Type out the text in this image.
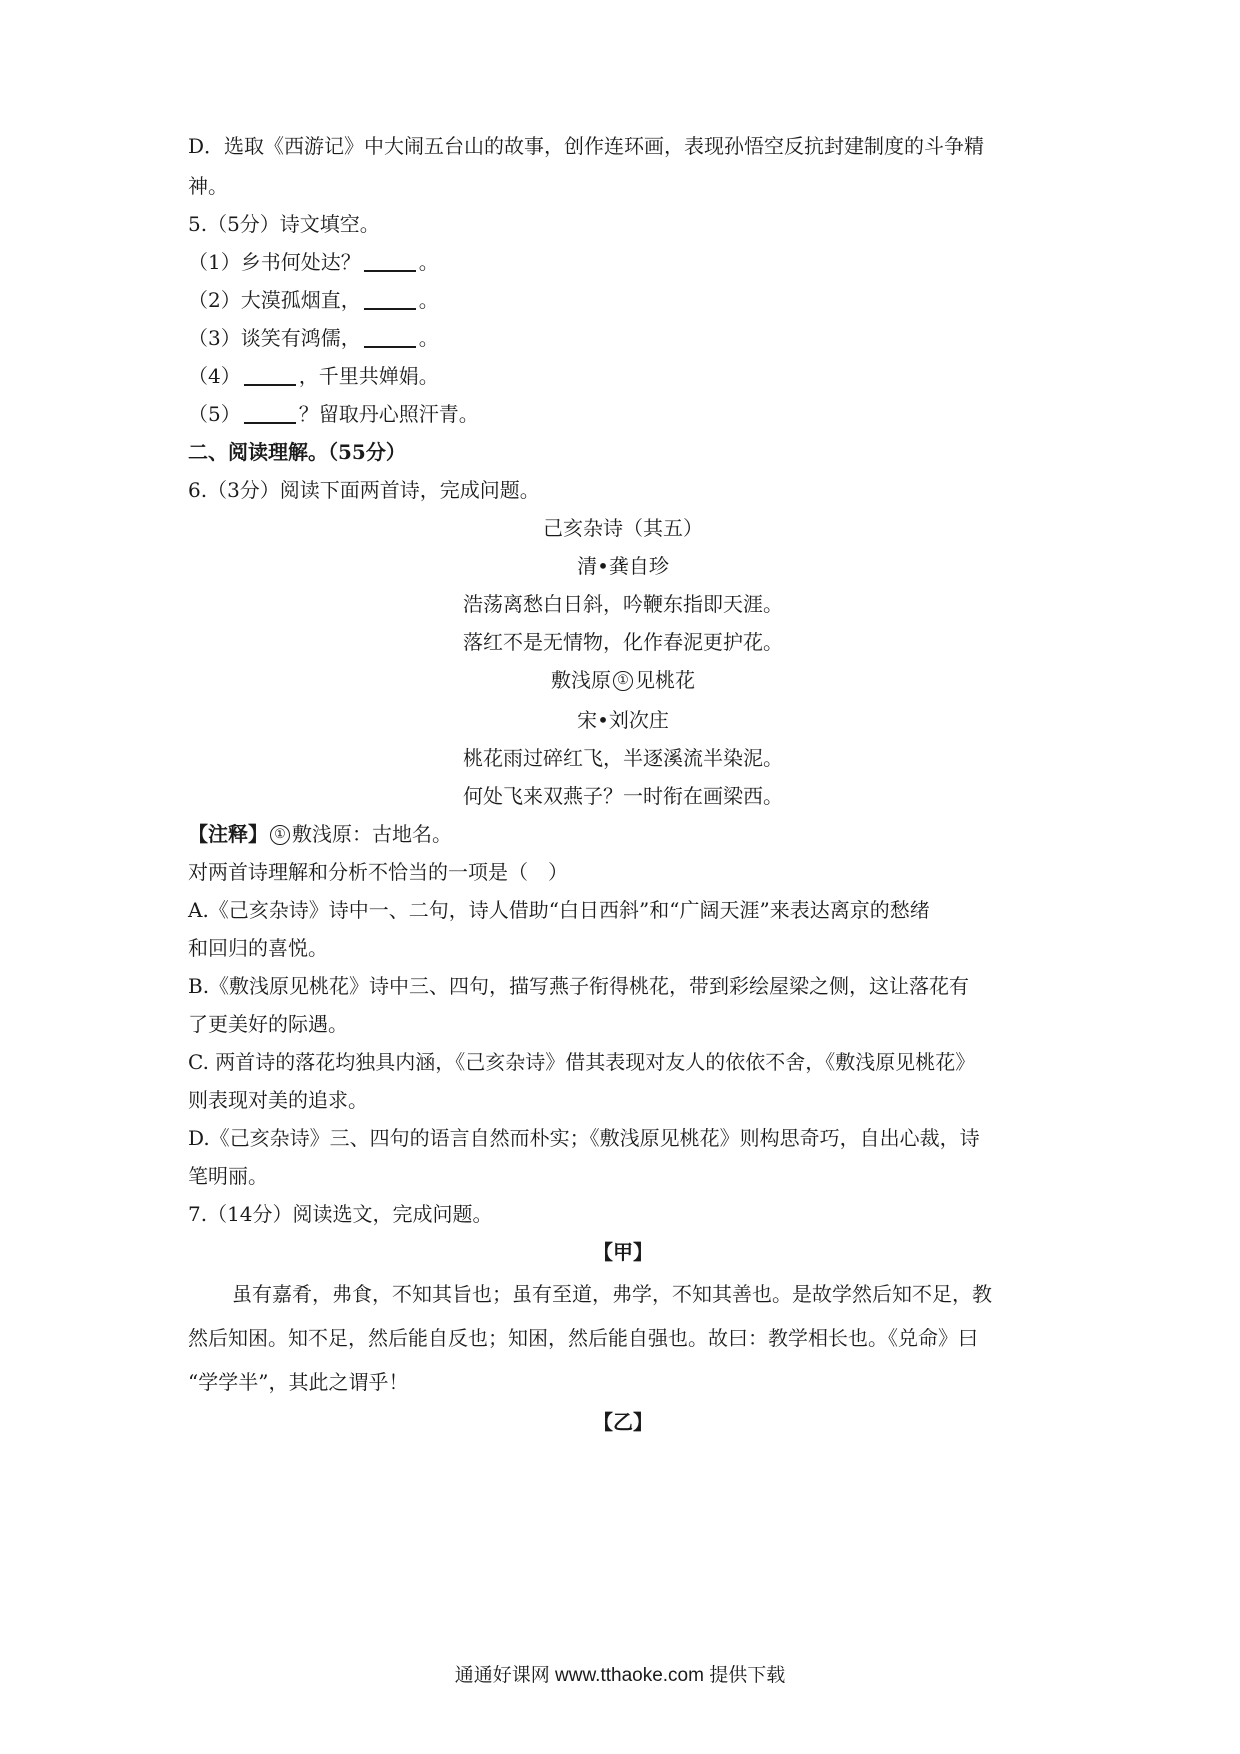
D．选取《西游记》中大闹五台山的故事，创作连环画，表现孙悟空反抗封建制度的斗争精
神。
5.（5分）诗文填空。
（1）乡书何处达？	。
（2）大漠孤烟直，	。
（3）谈笑有鸿儒，	。
（4）	，千里共婵娟。
（5）	？留取丹心照汗青。
二、阅读理解。（55分）
6.（3分）阅读下面两首诗，完成问题。
己亥杂诗（其五）
清•龚自珍
浩荡离愁白日斜，吟鞭东指即天涯。
落红不是无情物，化作春泥更护花。
敷浅原 ① 见桃花
宋•刘次庄
桃花雨过碎红飞，半逐溪流半染泥。
何处飞来双燕子？一时衔在画梁西。
【注释】 ① 敷浅原：古地名。
对两首诗理解和分析不恰当的一项是（　）
A.《己亥杂诗》诗中一、二句，诗人借助“白日西斜”和“广阔天涯”来表达离京的愁绪
和回归的喜悦。
B.《敷浅原见桃花》诗中三、四句，描写燕子衔得桃花，带到彩绘屋梁之侧，这让落花有
了更美好的际遇。
C. 两首诗的落花均独具内涵，《己亥杂诗》借其表现对友人的依依不舍，《敷浅原见桃花》
则表现对美的追求。
D.《己亥杂诗》三、四句的语言自然而朴实；《敷浅原见桃花》则构思奇巧，自出心裁，诗
笔明丽。
7.（14分）阅读选文，完成问题。
【甲】
虽有嘉肴，弗食，不知其旨也；虽有至道，弗学，不知其善也。是故学然后知不足，教
然后知困。知不足，然后能自反也；知困，然后能自强也。故曰：教学相长也。《兑命》曰
“学学半”，其此之谓乎！
【乙】
通通好课网 www.tthaoke.com 提供下载
